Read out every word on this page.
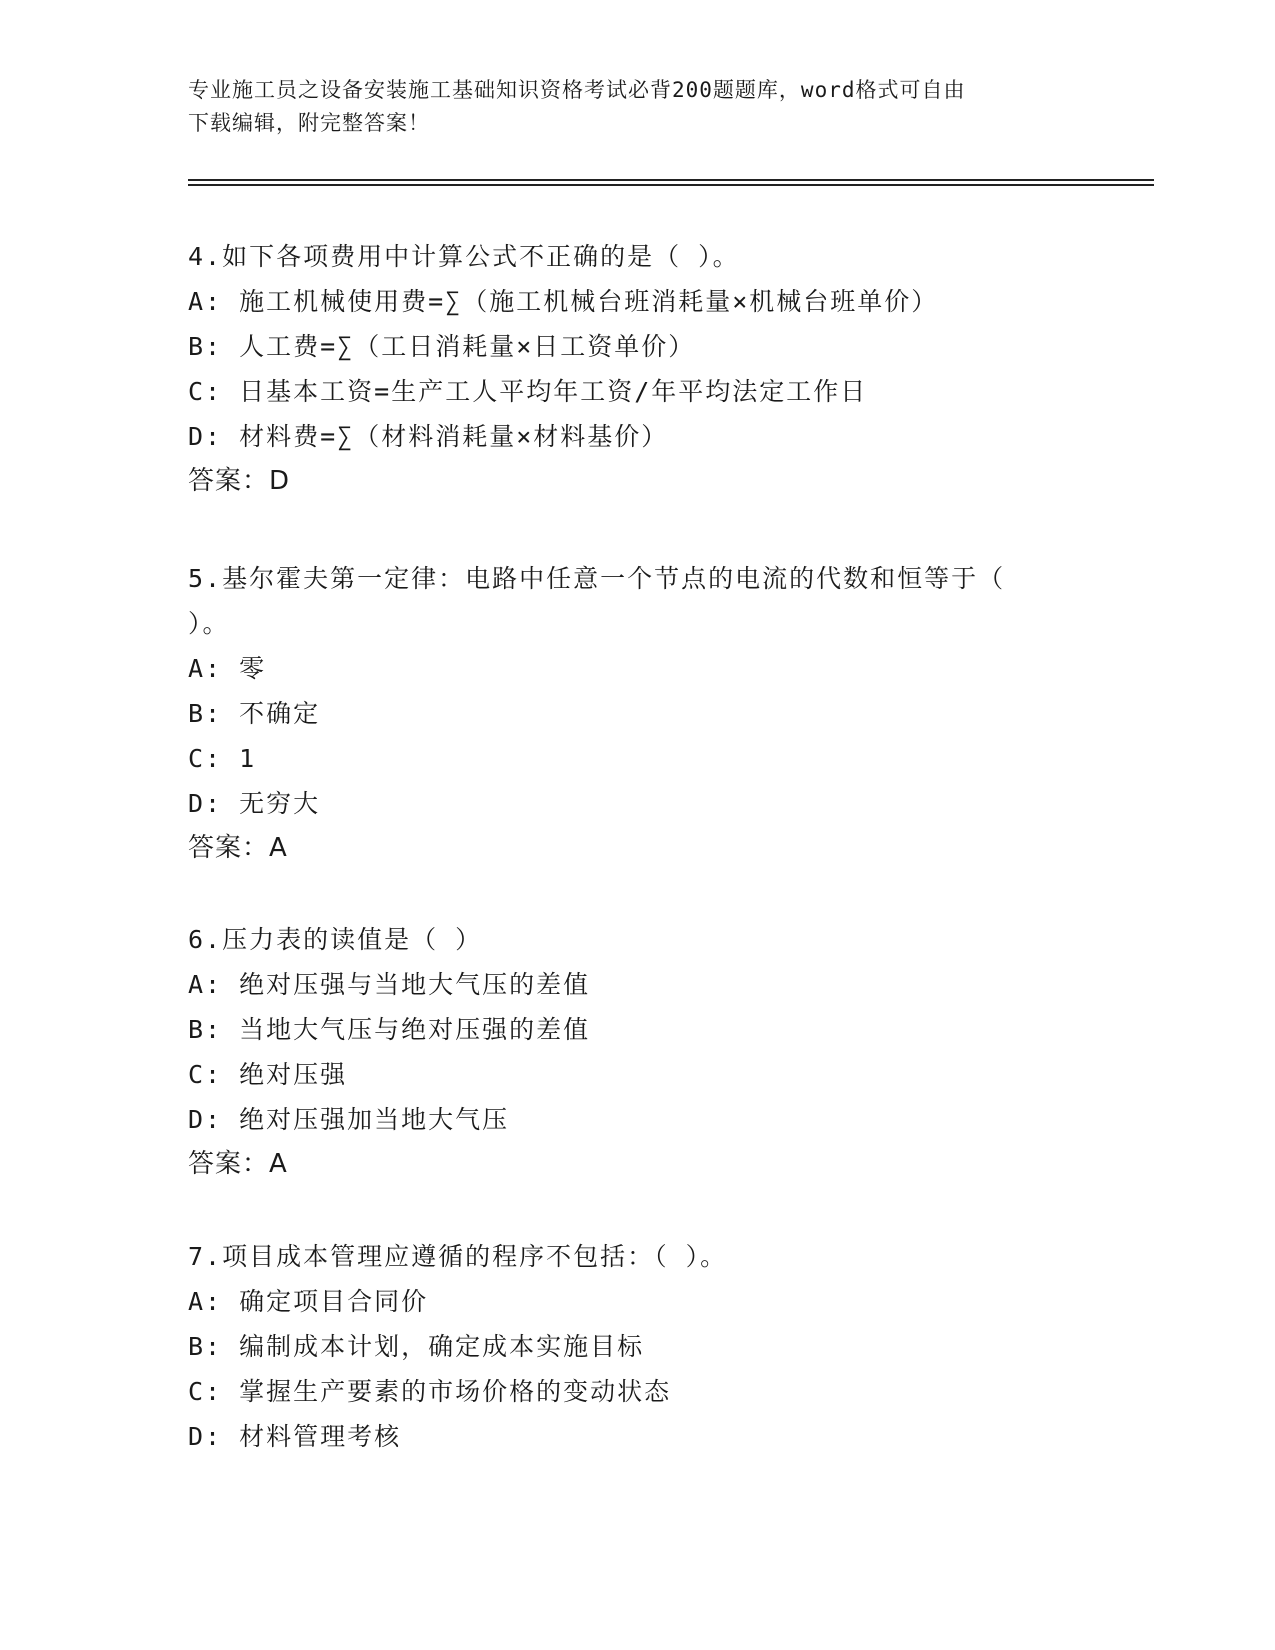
专业施工员之设备安装施工基础知识资格考试必背200题题库，word格式可自由
下载编辑，附完整答案！
4.如下各项费用中计算公式不正确的是（ ）。
A: 施工机械使用费=∑（施工机械台班消耗量×机械台班单价）
B: 人工费=∑（工日消耗量×日工资单价）
C: 日基本工资=生产工人平均年工资/年平均法定工作日
D: 材料费=∑（材料消耗量×材料基价）
答案：D
5.基尔霍夫第一定律：电路中任意一个节点的电流的代数和恒等于（
）。
A: 零
B: 不确定
C: 1
D: 无穷大
答案：A
6.压力表的读值是（ ）
A: 绝对压强与当地大气压的差值
B: 当地大气压与绝对压强的差值
C: 绝对压强
D: 绝对压强加当地大气压
答案：A
7.项目成本管理应遵循的程序不包括：（ ）。
A: 确定项目合同价
B: 编制成本计划，确定成本实施目标
C: 掌握生产要素的市场价格的变动状态
D: 材料管理考核
